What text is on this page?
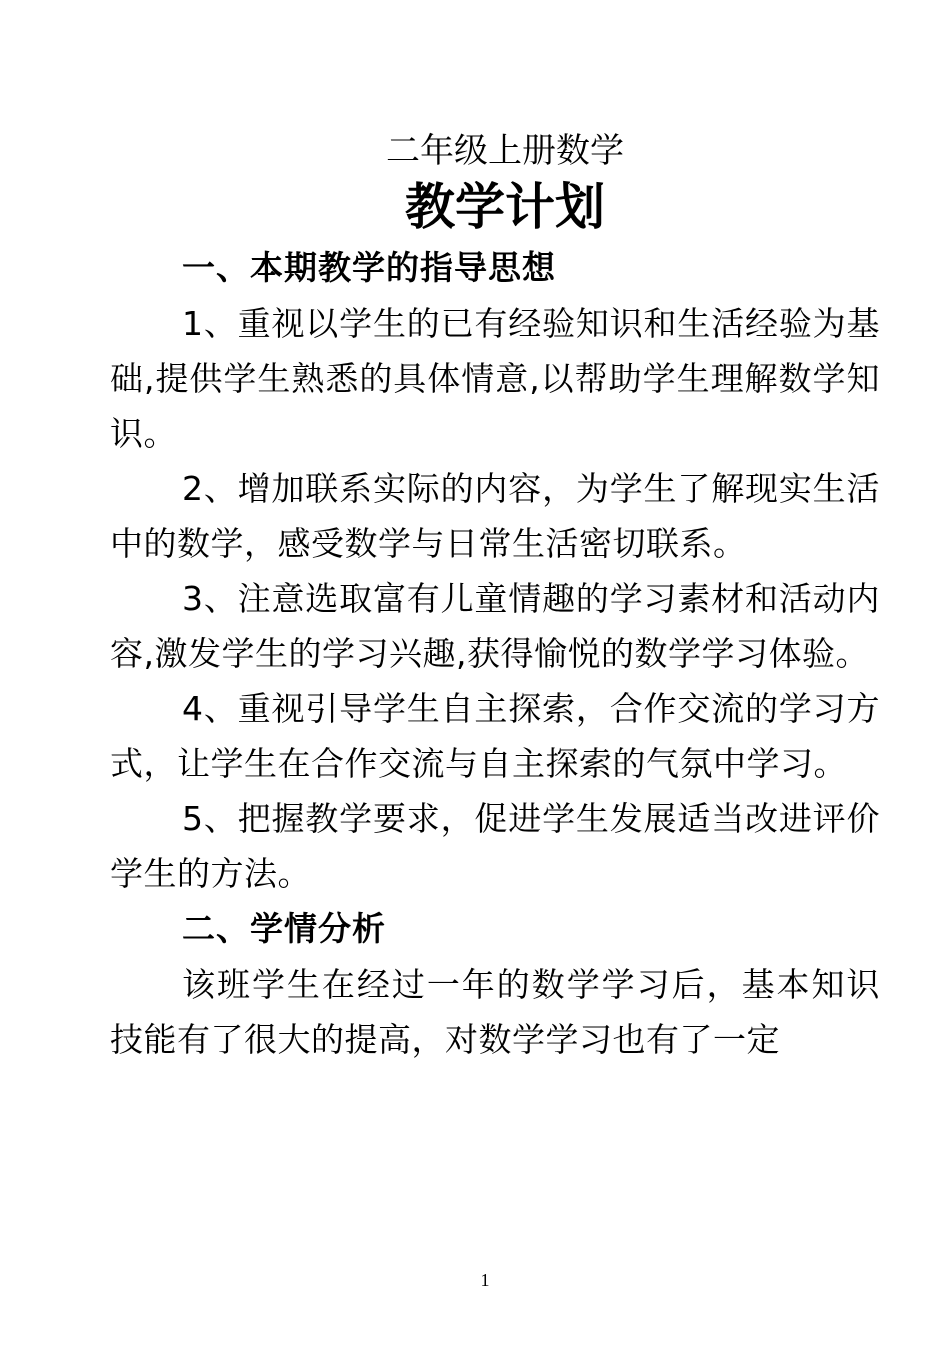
二年级上册数学

教学计划
一、本期教学的指导思想

1、重视以学生的已有经验知识和生活经验为基础,提供学生熟悉的具体情意,以帮助学生理解数学知识。

2、增加联系实际的内容，为学生了解现实生活中的数学，感受数学与日常生活密切联系。

3、注意选取富有儿童情趣的学习素材和活动内容,激发学生的学习兴趣,获得愉悦的数学学习体验。

4、重视引导学生自主探索，合作交流的学习方式，让学生在合作交流与自主探索的气氛中学习。

5、把握教学要求，促进学生发展适当改进评价学生的方法。

二、学情分析

该班学生在经过一年的数学学习后，基本知识技能有了很大的提高，对数学学习也有了一定

1
